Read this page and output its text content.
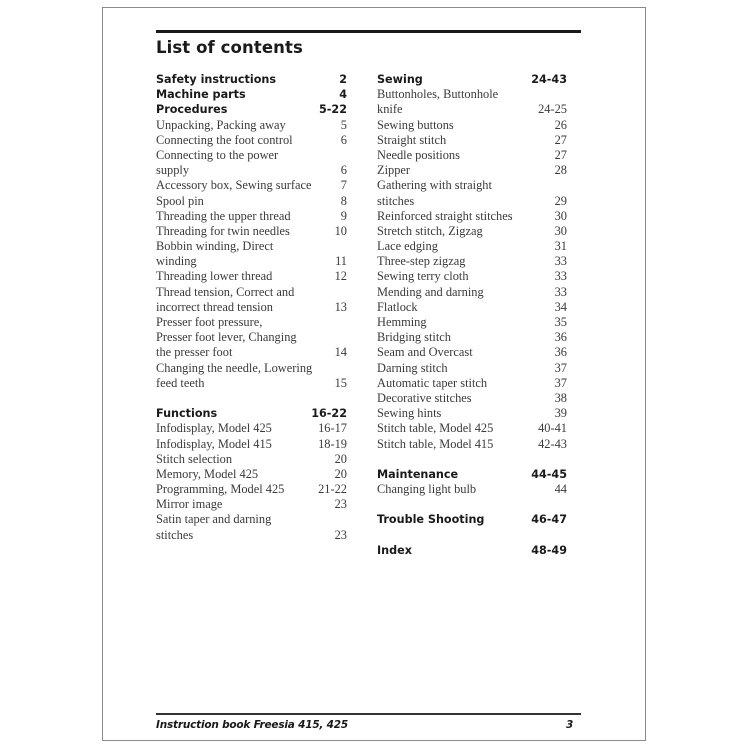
List of contents
Safety instructions	2
Machine parts	4
Procedures	5-22
Unpacking, Packing away	5
Connecting the foot control	6
Connecting to the power
supply	6
Accessory box, Sewing surface 7
Spool pin	8
Threading the upper thread	9
Threading for twin needles	10
Bobbin winding, Direct
winding	11
Threading lower thread	12
Thread tension, Correct and
incorrect thread tension	13
Presser foot pressure,
Presser foot lever, Changing
the presser foot	14
Changing the needle, Lowering
feed teeth	15
Functions	16-22
Infodisplay, Model 425	16-17
Infodisplay, Model 415	18-19
Stitch selection	20
Memory, Model 425	20
Programming, Model 425	21-22
Mirror image	23
Satin taper and darning
stitches	23
Sewing	24-43
Buttonholes, Buttonhole
knife	24-25
Sewing buttons	26
Straight stitch	27
Needle positions	27
Zipper	28
Gathering with straight
stitches	29
Reinforced straight stitches	30
Stretch stitch, Zigzag	30
Lace edging	31
Three-step zigzag	33
Sewing terry cloth	33
Mending and darning	33
Flatlock	34
Hemming	35
Bridging stitch	36
Seam and Overcast	36
Darning stitch	37
Automatic taper stitch	37
Decorative stitches	38
Sewing hints	39
Stitch table, Model 425	40-41
Stitch table, Model 415	42-43
Maintenance	44-45
Changing light bulb	44
Trouble Shooting	46-47
Index	48-49
Instruction book Freesia 415, 425	3
